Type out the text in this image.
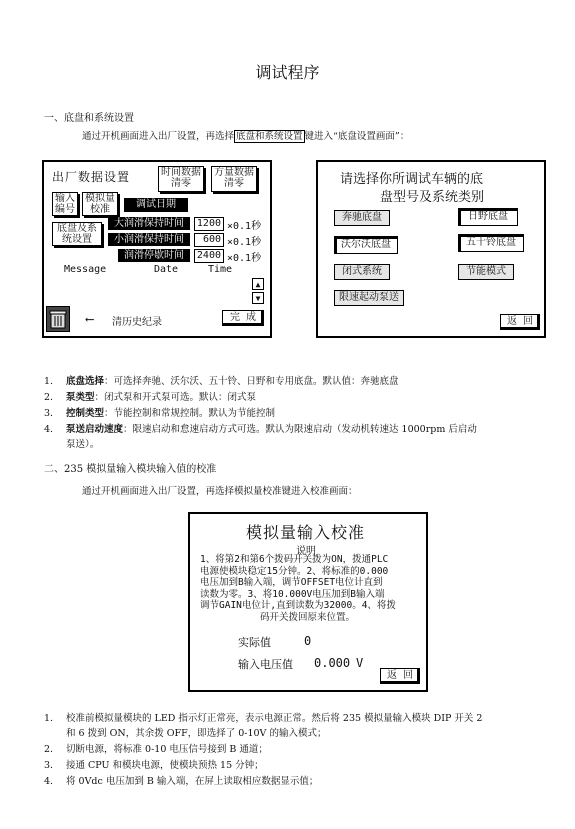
调试程序
一、底盘和系统设置
通过开机画面进入出厂设置，再选择 底盘和系统设置 键进入“底盘设置画面”：
出厂数据设置	时间数据
清零
方量数据
清零
输入
编号
模拟量
校准	调试日期
底盘及系
统设置
大润滑保持时间	1200 ×0.1秒
小润滑保持时间	600 ×0.1秒
润滑停歇时间	2400 ×0.1秒
Message	Date	Time
▲
▼
⟵ 清历史纪录	完 成
请选择你所调试车辆的底
盘型号及系统类别
奔驰底盘	日野底盘
沃尔沃底盘	五十铃底盘
闭式系统	节能模式
限速起动泵送
返 回
1. 底盘选择：可选择奔驰、沃尔沃、五十铃、日野和专用底盘。默认值：奔驰底盘
2. 泵类型：闭式泵和开式泵可选。默认：闭式泵
3. 控制类型：节能控制和常规控制。默认为节能控制
4. 泵送启动速度：限速启动和怠速启动方式可选。默认为限速启动（发动机转速达 1000rpm 后启动
泵送）。
二、235 模拟量输入模块输入值的校准
通过开机画面进入出厂设置，再选择模拟量校准键进入校准画面：
模拟量输入校准
说明
1、将第2和第6个拨码开关拨为ON，拨通PLC
电源使模块稳定15分钟。2、将标准的0.000
电压加到B输入端，调节OFFSET电位计直到
读数为零。3、将10.000V电压加到B输入端
调节GAIN电位计,直到读数为32000。4、将拨
码开关拨回原来位置。
实际值	0
输入电压值 0.000 V
返 回
1. 校准前模拟量模块的 LED 指示灯正常亮，表示电源正常。然后将 235 模拟量输入模块 DIP 开关 2
和 6 拨到 ON，其余拨 OFF，即选择了 0-10V 的输入模式；
2. 切断电源，将标准 0-10 电压信号接到 B 通道；
3. 接通 CPU 和模块电源，使模块预热 15 分钟；
4. 将 0Vdc 电压加到 B 输入端，在屏上读取相应数据显示值；
